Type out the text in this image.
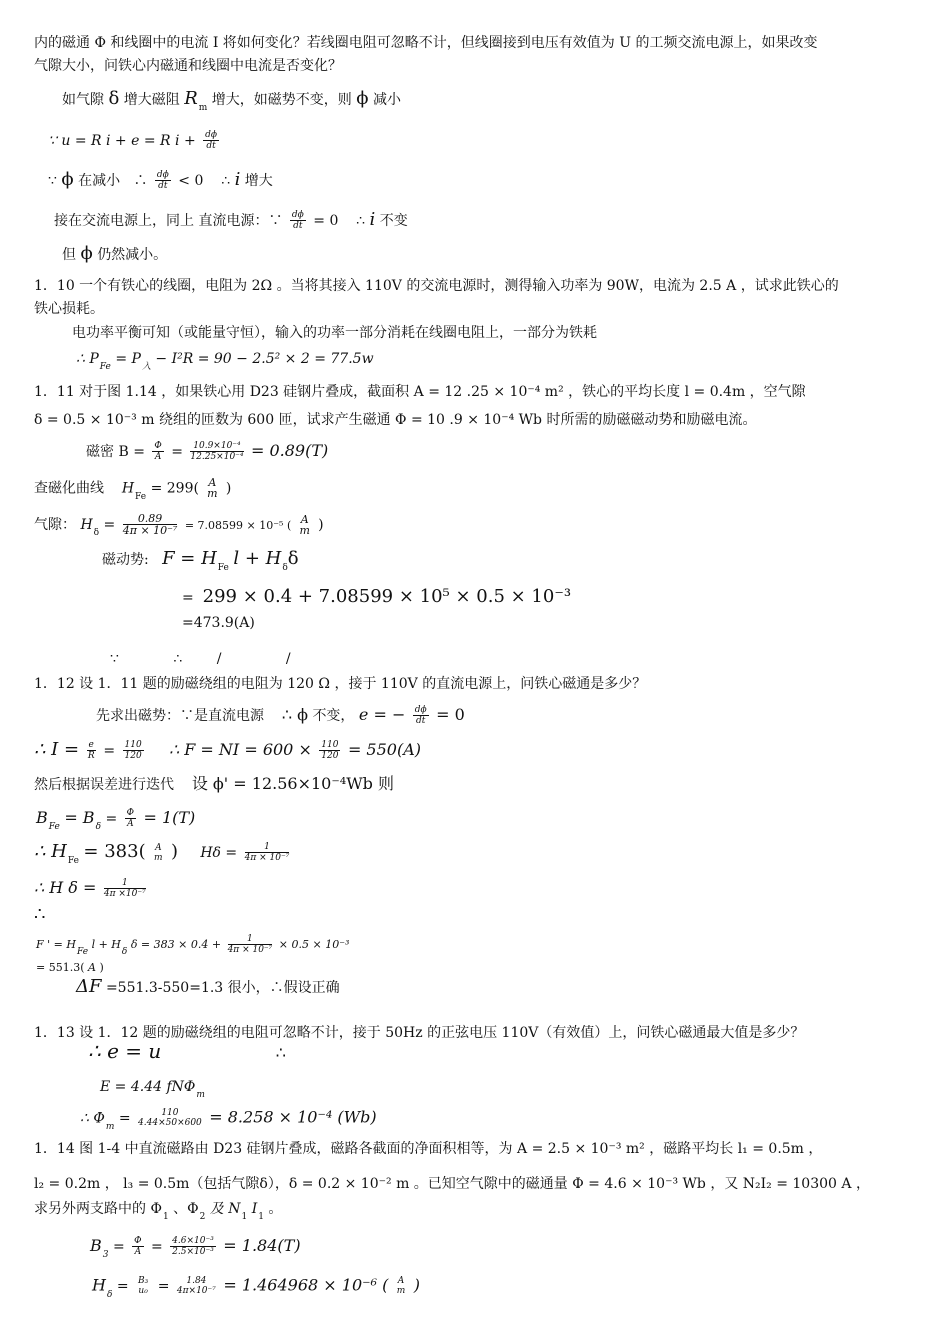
内的磁通 Φ 和线圈中的电流 I 将如何变化？若线圈电阻可忽略不计，但线圈接到电压有效值为 U 的工频交流电源上，如果改变
气隙大小，问铁心内磁通和线圈中电流是否变化？
如气隙 δ 增大磁阻 $R_m$ 增大，如磁势不变，则 ϕ 减小
∵ u = R i + e = R $i + \frac{d\phi}{dt}$
∵ ϕ 在减小 ∴ $\frac{d\phi}{dt} < 0$ ∴ i 增大
接在交流电源上，同上 直流电源：∵ $\frac{d\phi}{dt} = 0$ ∴ i 不变
但 ϕ 仍然减小。
1．10 一个有铁心的线圈，电阻为 2Ω 。当将其接入 110V 的交流电源时，测得输入功率为 90W，电流为 2.5 A ，试求此铁心的
铁心损耗。
电功率平衡可知（或能量守恒），输入的功率一部分消耗在线圈电阻上，一部分为铁耗
∴ $P_{Fe} = P_入 - I^2R = 90 - 2.5^2 \times 2 = 77.5w$
1．11 对于图 1.14 ，如果铁心用 D23 硅钢片叠成，截面积 A = 12 .25 × 10⁻⁴ m² ，铁心的平均长度 l = 0.4m ，空气隙
δ = 0.5 × 10⁻³ m 绕组的匝数为 600 匝，试求产生磁通 Φ = 10 .9 × 10⁻⁴ Wb 时所需的励磁磁动势和励磁电流。
磁密 $B = \frac{\Phi}{A} = \frac{\text{10.9×10⁻⁴}}{\text{12.25×10⁻⁴}} = 0.89(T)$
查磁化曲线 $H_{Fe} = 299$( A
m )
气隙： $H_\delta = \frac{0.89}{\text{4π × 10⁻⁷}} = 7.08599 \times 10^{-5}$ ( A
m )
磁动势: $F = H_{Fe}$ $l + H_\delta\delta$
= 299 × 0.4 + 7.08599 × 10⁵ × 0.5 × 10⁻³
=473.9(A)
∵	∴ /	/
1．12 设 1．11 题的励磁绕组的电阻为 120 Ω ，接于 110V 的直流电源上，问铁心磁通是多少？
先求出磁势：∵是直流电源 ∴ ϕ 不变， e = − $\frac{d\phi}{dt} = 0$
∴ $I = \frac{e}{R} = \frac{110}{120}$ ∴ F = NI = $600 \times \frac{110}{120} = 550(A)$
然后根据误差进行迭代 设 ϕ' = 12.56×10⁻⁴Wb 则
$B_{Fe} = B_\delta = \frac{\Phi}{A} = 1(T)$
∴ $H_{Fe} = 383$( A
m ) $H\delta = \frac{1}{\text{4π × 10⁻⁷}}$
∴ H $\delta = \frac{1}{\text{4π ×10⁻⁷}}$
∴
F ' = $H_{Fe}$ $l + H_\delta$ $\delta = 383 \times 0.4 + \frac{1}{\text{4π × 10⁻⁷}} \times 0.5 \times 10^{-3}$
= 551.3( A )
ΔF =551.3-550=1.3 很小，∴假设正确
1．13 设 1．12 题的励磁绕组的电阻可忽略不计，接于 50Hz 的正弦电压 110V（有效值）上，问铁心磁通最大值是多少？
∴ e = u	∴
E = 4.44 fNΦ$_m$
∴ $\Phi_m$ =	110
4.44×50×600 = 8.258 × 10⁻⁴ (Wb)
1．14 图 1-4 中直流磁路由 D23 硅钢片叠成，磁路各截面的净面积相等，为 A = 2.5 × 10⁻³ m² ，磁路平均长 l₁ = 0.5m ，
l₂ = 0.2m ， l₃ = 0.5m（包括气隙δ），δ = 0.2 × 10⁻² m 。已知空气隙中的磁通量 Φ = 4.6 × 10⁻³ Wb ，又 N₂I₂ = 10300 A ，
求另外两支路中的 $\Phi_1$ 、$\Phi_2$ 及 $N_1$ $I_1$ 。
$B_3 = \frac{\Phi}{A} = \frac{\text{4.6×10⁻³}}{\text{2.5×10⁻³}} = 1.84(T)$
$H_\delta = B_3$
u₀ =	1.84
4π×10⁻⁷ = 1.464968 × 10⁻⁶ ( A
m )
